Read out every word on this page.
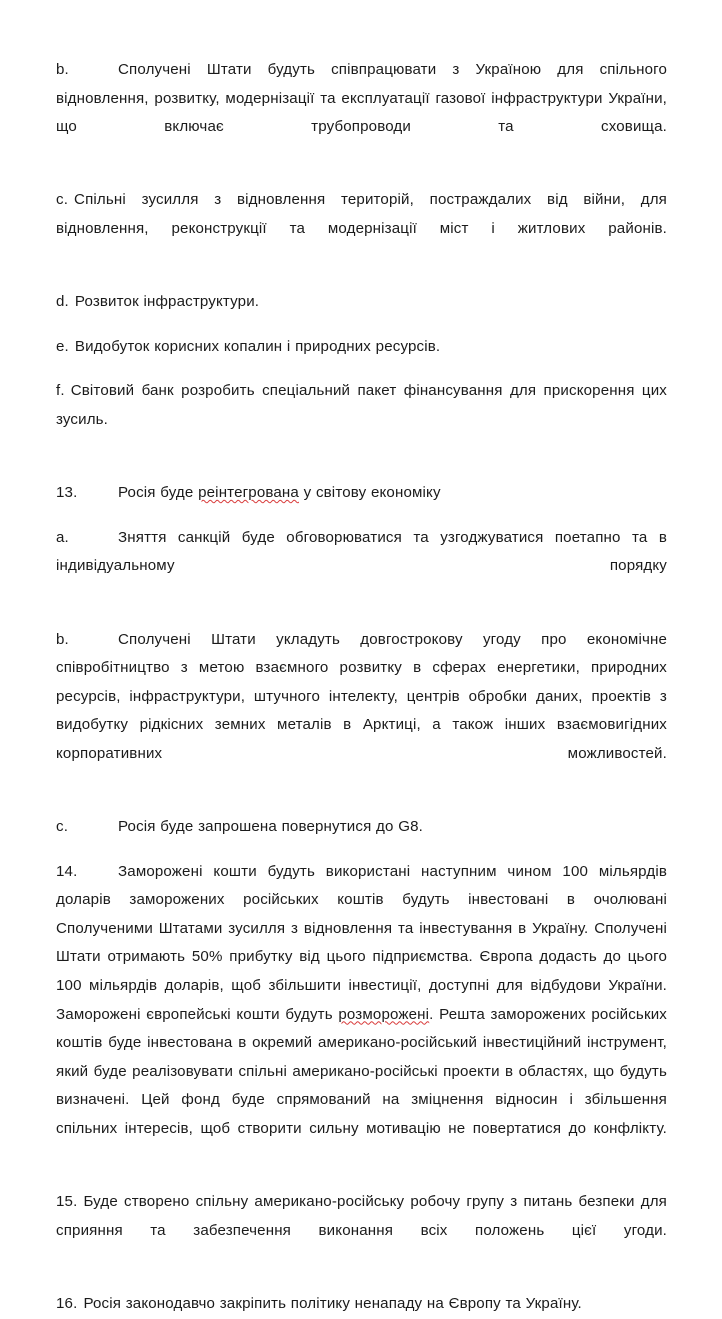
b.	Сполучені Штати будуть співпрацювати з Україною для спільного відновлення, розвитку, модернізації та експлуатації газової інфраструктури України, що включає трубопроводи та сховища.

c. Спільні зусилля з відновлення територій, постраждалих від війни, для відновлення, реконструкції та модернізації міст і житлових районів.

d. Розвиток інфраструктури.

e. Видобуток корисних копалин і природних ресурсів.

f. Світовий банк розробить спеціальний пакет фінансування для прискорення цих зусиль.

13.	Росія буде реінтегрована у світову економіку

a.	Зняття санкцій буде обговорюватися та узгоджуватися поетапно та в індивідуальному порядку

b.	Сполучені Штати укладуть довгострокову угоду про економічне співробітництво з метою взаємного розвитку в сферах енергетики, природних ресурсів, інфраструктури, штучного інтелекту, центрів обробки даних, проектів з видобутку рідкісних земних металів в Арктиці, а також інших взаємовигідних корпоративних можливостей.

c.	Росія буде запрошена повернутися до G8.

14.	Заморожені кошти будуть використані наступним чином 100 мільярдів доларів заморожених російських коштів будуть інвестовані в очолювані Сполученими Штатами зусилля з відновлення та інвестування в Україну. Сполучені Штати отримають 50% прибутку від цього підприємства. Європа додасть до цього 100 мільярдів доларів, щоб збільшити інвестиції, доступні для відбудови України. Заморожені європейські кошти будуть розморожені. Решта заморожених російських коштів буде інвестована в окремий американо-російський інвестиційний інструмент, який буде реалізовувати спільні американо-російські проекти в областях, що будуть визначені. Цей фонд буде спрямований на зміцнення відносин і збільшення спільних інтересів, щоб створити сильну мотивацію не повертатися до конфлікту.

15. Буде створено спільну американо-російську робочу групу з питань безпеки для сприяння та забезпечення виконання всіх положень цієї угоди.

16. Росія законодавчо закріпить політику ненападу на Європу та Україну.
